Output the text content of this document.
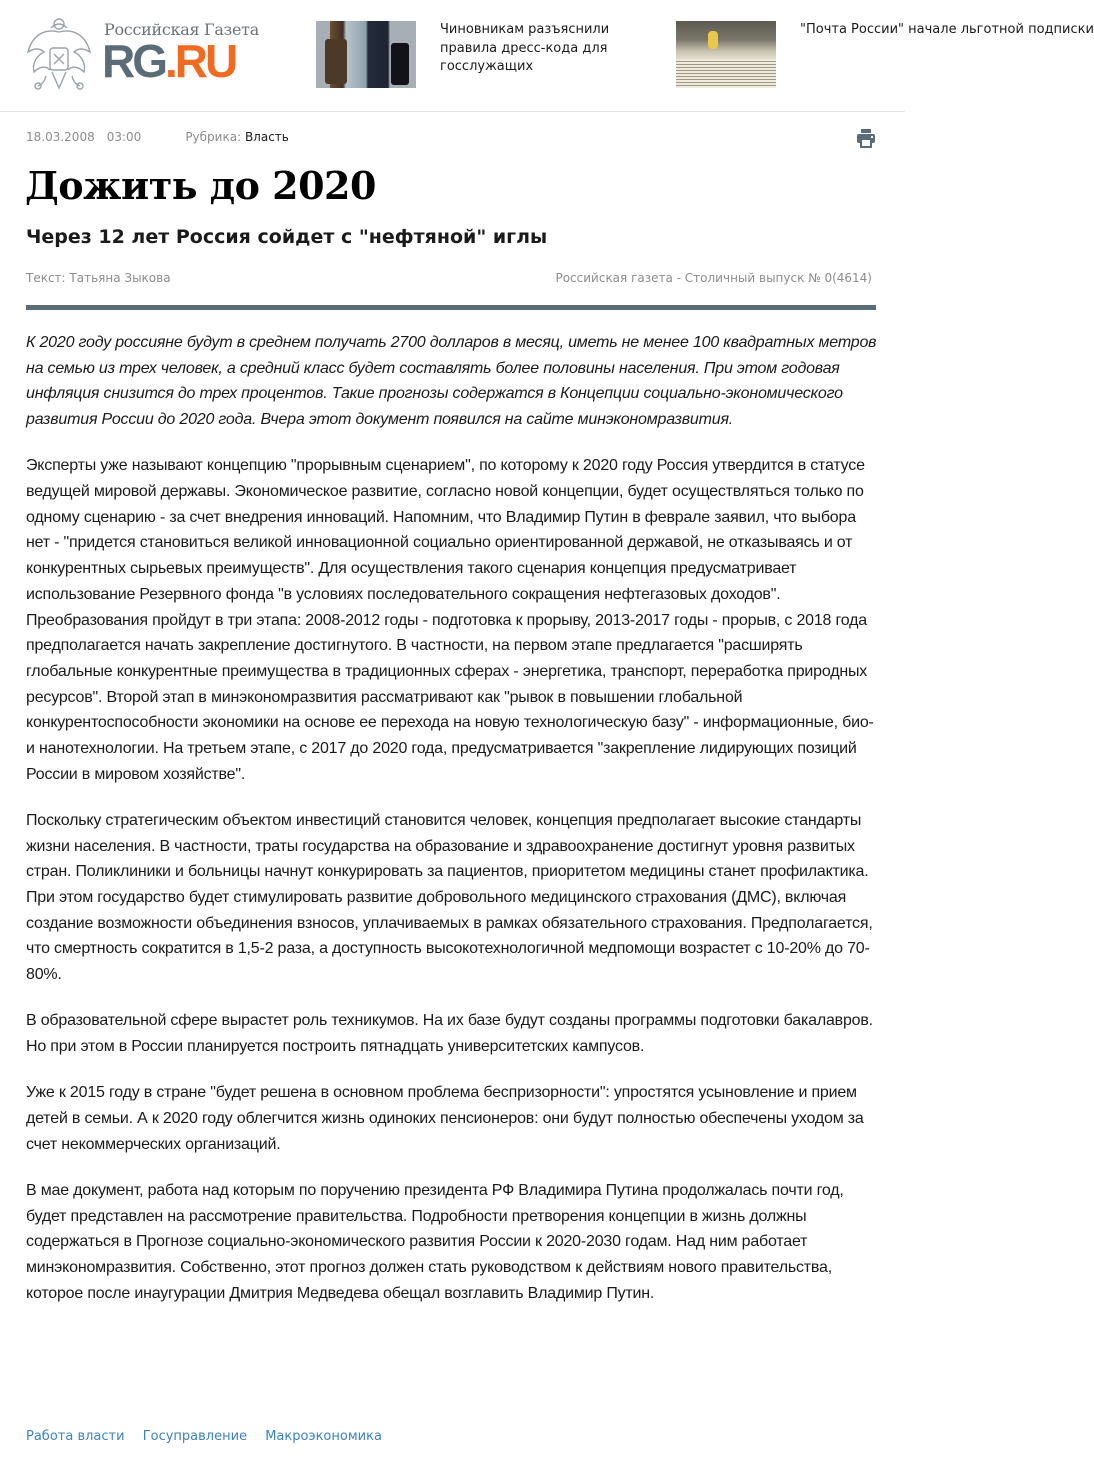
Российская Газета
RG.RU
Чиновникам разъяснили правила дресс-кода для госслужащих
"Почта России" начале льготной подписки
18.03.2008 03:00	Рубрика: Власть
Дожить до 2020
Через 12 лет Россия сойдет с "нефтяной" иглы
Текст: Татьяна Зыкова	Российская газета - Столичный выпуск № 0(4614)

К 2020 году россияне будут в среднем получать 2700 долларов в месяц, иметь не менее 100 квадратных метров на семью из трех человек, а средний класс будет составлять более половины населения. При этом годовая инфляция снизится до трех процентов. Такие прогнозы содержатся в Концепции социально-экономического развития России до 2020 года. Вчера этот документ появился на сайте минэкономразвития.

Эксперты уже называют концепцию "прорывным сценарием", по которому к 2020 году Россия утвердится в статусе ведущей мировой державы. Экономическое развитие, согласно новой концепции, будет осуществляться только по одному сценарию - за счет внедрения инноваций. Напомним, что Владимир Путин в феврале заявил, что выбора нет - "придется становиться великой инновационной социально ориентированной державой, не отказываясь и от конкурентных сырьевых преимуществ". Для осуществления такого сценария концепция предусматривает использование Резервного фонда "в условиях последовательного сокращения нефтегазовых доходов". Преобразования пройдут в три этапа: 2008-2012 годы - подготовка к прорыву, 2013-2017 годы - прорыв, с 2018 года предполагается начать закрепление достигнутого. В частности, на первом этапе предлагается "расширять глобальные конкурентные преимущества в традиционных сферах - энергетика, транспорт, переработка природных ресурсов". Второй этап в минэкономразвития рассматривают как "рывок в повышении глобальной конкурентоспособности экономики на основе ее перехода на новую технологическую базу" - информационные, био- и нанотехнологии. На третьем этапе, с 2017 до 2020 года, предусматривается "закрепление лидирующих позиций России в мировом хозяйстве".

Поскольку стратегическим объектом инвестиций становится человек, концепция предполагает высокие стандарты жизни населения. В частности, траты государства на образование и здравоохранение достигнут уровня развитых стран. Поликлиники и больницы начнут конкурировать за пациентов, приоритетом медицины станет профилактика. При этом государство будет стимулировать развитие добровольного медицинского страхования (ДМС), включая создание возможности объединения взносов, уплачиваемых в рамках обязательного страхования. Предполагается, что смертность сократится в 1,5-2 раза, а доступность высокотехнологичной медпомощи возрастет с 10-20% до 70-80%.

В образовательной сфере вырастет роль техникумов. На их базе будут созданы программы подготовки бакалавров. Но при этом в России планируется построить пятнадцать университетских кампусов.

Уже к 2015 году в стране "будет решена в основном проблема беспризорности": упростятся усыновление и прием детей в семьи. А к 2020 году облегчится жизнь одиноких пенсионеров: они будут полностью обеспечены уходом за счет некоммерческих организаций.

В мае документ, работа над которым по поручению президента РФ Владимира Путина продолжалась почти год, будет представлен на рассмотрение правительства. Подробности претворения концепции в жизнь должны содержаться в Прогнозе социально-экономического развития России к 2020-2030 годам. Над ним работает минэкономразвития. Собственно, этот прогноз должен стать руководством к действиям нового правительства, которое после инаугурации Дмитрия Медведева обещал возглавить Владимир Путин.

Работа власти Госуправление Макроэкономика
